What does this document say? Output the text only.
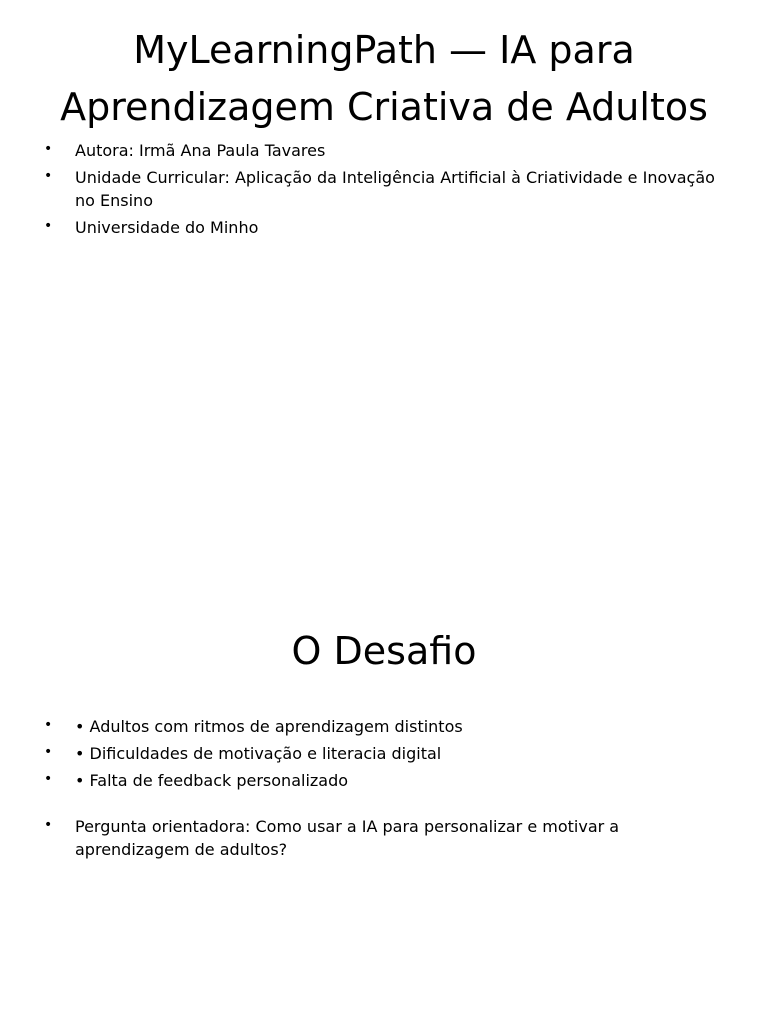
MyLearningPath — IA para Aprendizagem Criativa de Adultos
• Autora: Irmã Ana Paula Tavares
• Unidade Curricular: Aplicação da Inteligência Artificial à Criatividade e Inovação no Ensino
• Universidade do Minho
O Desafio
• • Adultos com ritmos de aprendizagem distintos
• • Dificuldades de motivação e literacia digital
• • Falta de feedback personalizado
• Pergunta orientadora: Como usar a IA para personalizar e motivar a aprendizagem de adultos?
